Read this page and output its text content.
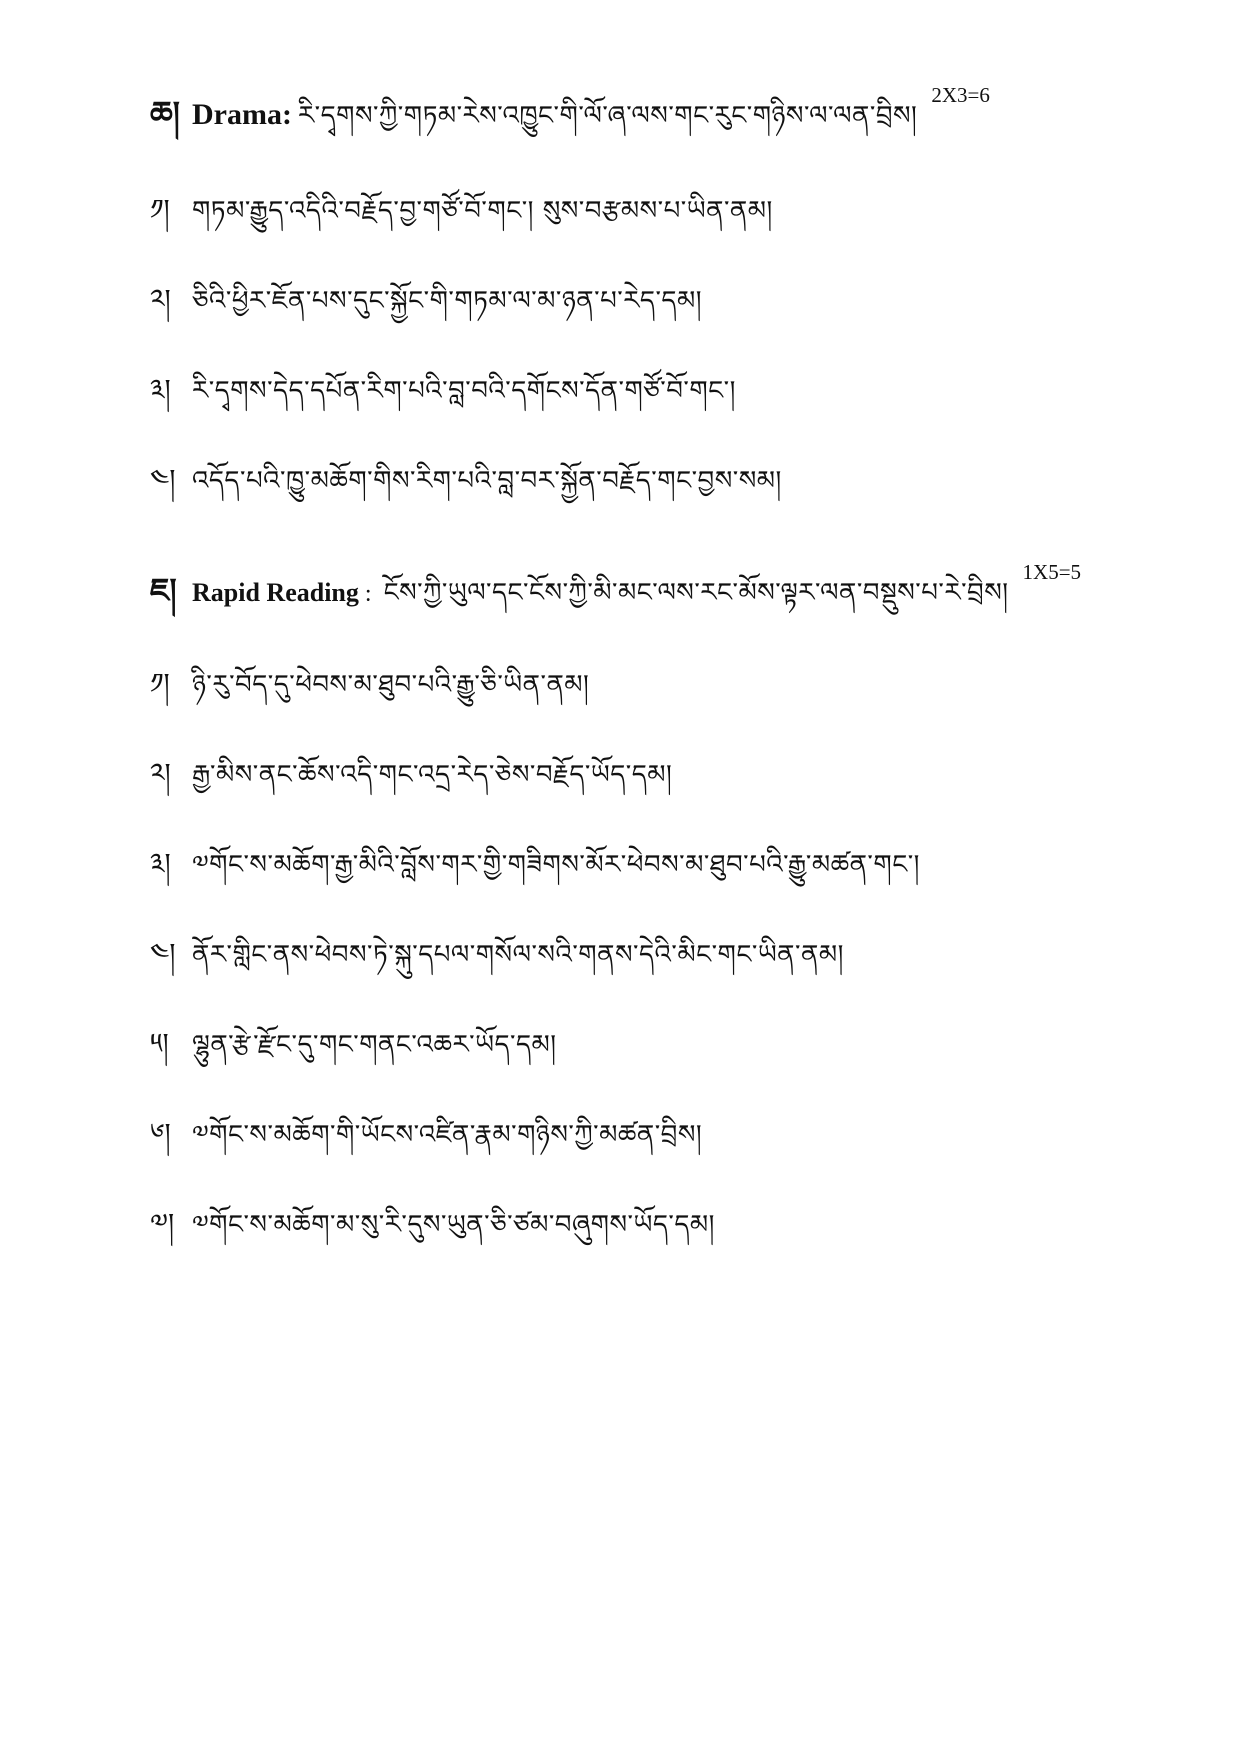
ཆ། Drama: རི་དྭགས་ཀྱི་གཏམ་རེས་འཁྱུང་གི་ལོ་ཞ་ལས་གང་རུང་གཉིས་ལ་ལན་བྲིས།
2X3=6
༡། གཏམ་རྒྱུད་འདིའི་བརྗོད་བྱ་གཙོ་བོ་གང་། སུས་བརྩམས་པ་ཡིན་ནམ།
༢། ཅིའི་ཕྱིར་ཇོན་པས་དུང་སྐྱོང་གི་གཏམ་ལ་མ་ཉན་པ་རེད་དམ།
༣། རི་དྭགས་དེད་དཔོན་རིག་པའི་བླ་བའི་དགོངས་དོན་གཙོ་བོ་གང་།
༤། འདོད་པའི་ཁྱུ་མཆོག་གིས་རིག་པའི་བླ་བར་སྐྱོན་བརྗོད་གང་བྱས་སམ།
ཇ། Rapid Reading : ངོས་ཀྱི་ཡུལ་དང་ངོས་ཀྱི་མི་མང་ལས་རང་མོས་ལྟར་ལན་བསྡུས་པ་རེ་བྲིས།
1X5=5
༡། ཉི་རུ་བོད་དུ་ཕེབས་མ་ཐུབ་པའི་རྒྱུ་ཅི་ཡིན་ནམ།
༢། རྒྱ་མིས་ནང་ཆོས་འདི་གང་འདྲ་རེད་ཅེས་བརྗོད་ཡོད་དམ།
༣། ༧གོང་ས་མཆོག་རྒྱ་མིའི་བློས་གར་གྱི་གཟིགས་མོར་ཕེབས་མ་ཐུབ་པའི་རྒྱུ་མཚན་གང་།
༤། ནོར་གླིང་ནས་ཕེབས་ཏེ་སྐུ་དཔལ་གསོལ་སའི་གནས་དེའི་མིང་གང་ཡིན་ནམ།
༥། ལྷུན་རྩེ་རྫོང་དུ་གང་གནང་འཆར་ཡོད་དམ།
༦། ༧གོང་ས་མཆོག་གི་ཡོངས་འཛིན་རྣམ་གཉིས་ཀྱི་མཚན་བྲིས།
༧། ༧གོང་ས་མཆོག་མ་སུ་རི་དུས་ཡུན་ཅི་ཙམ་བཞུགས་ཡོད་དམ།
